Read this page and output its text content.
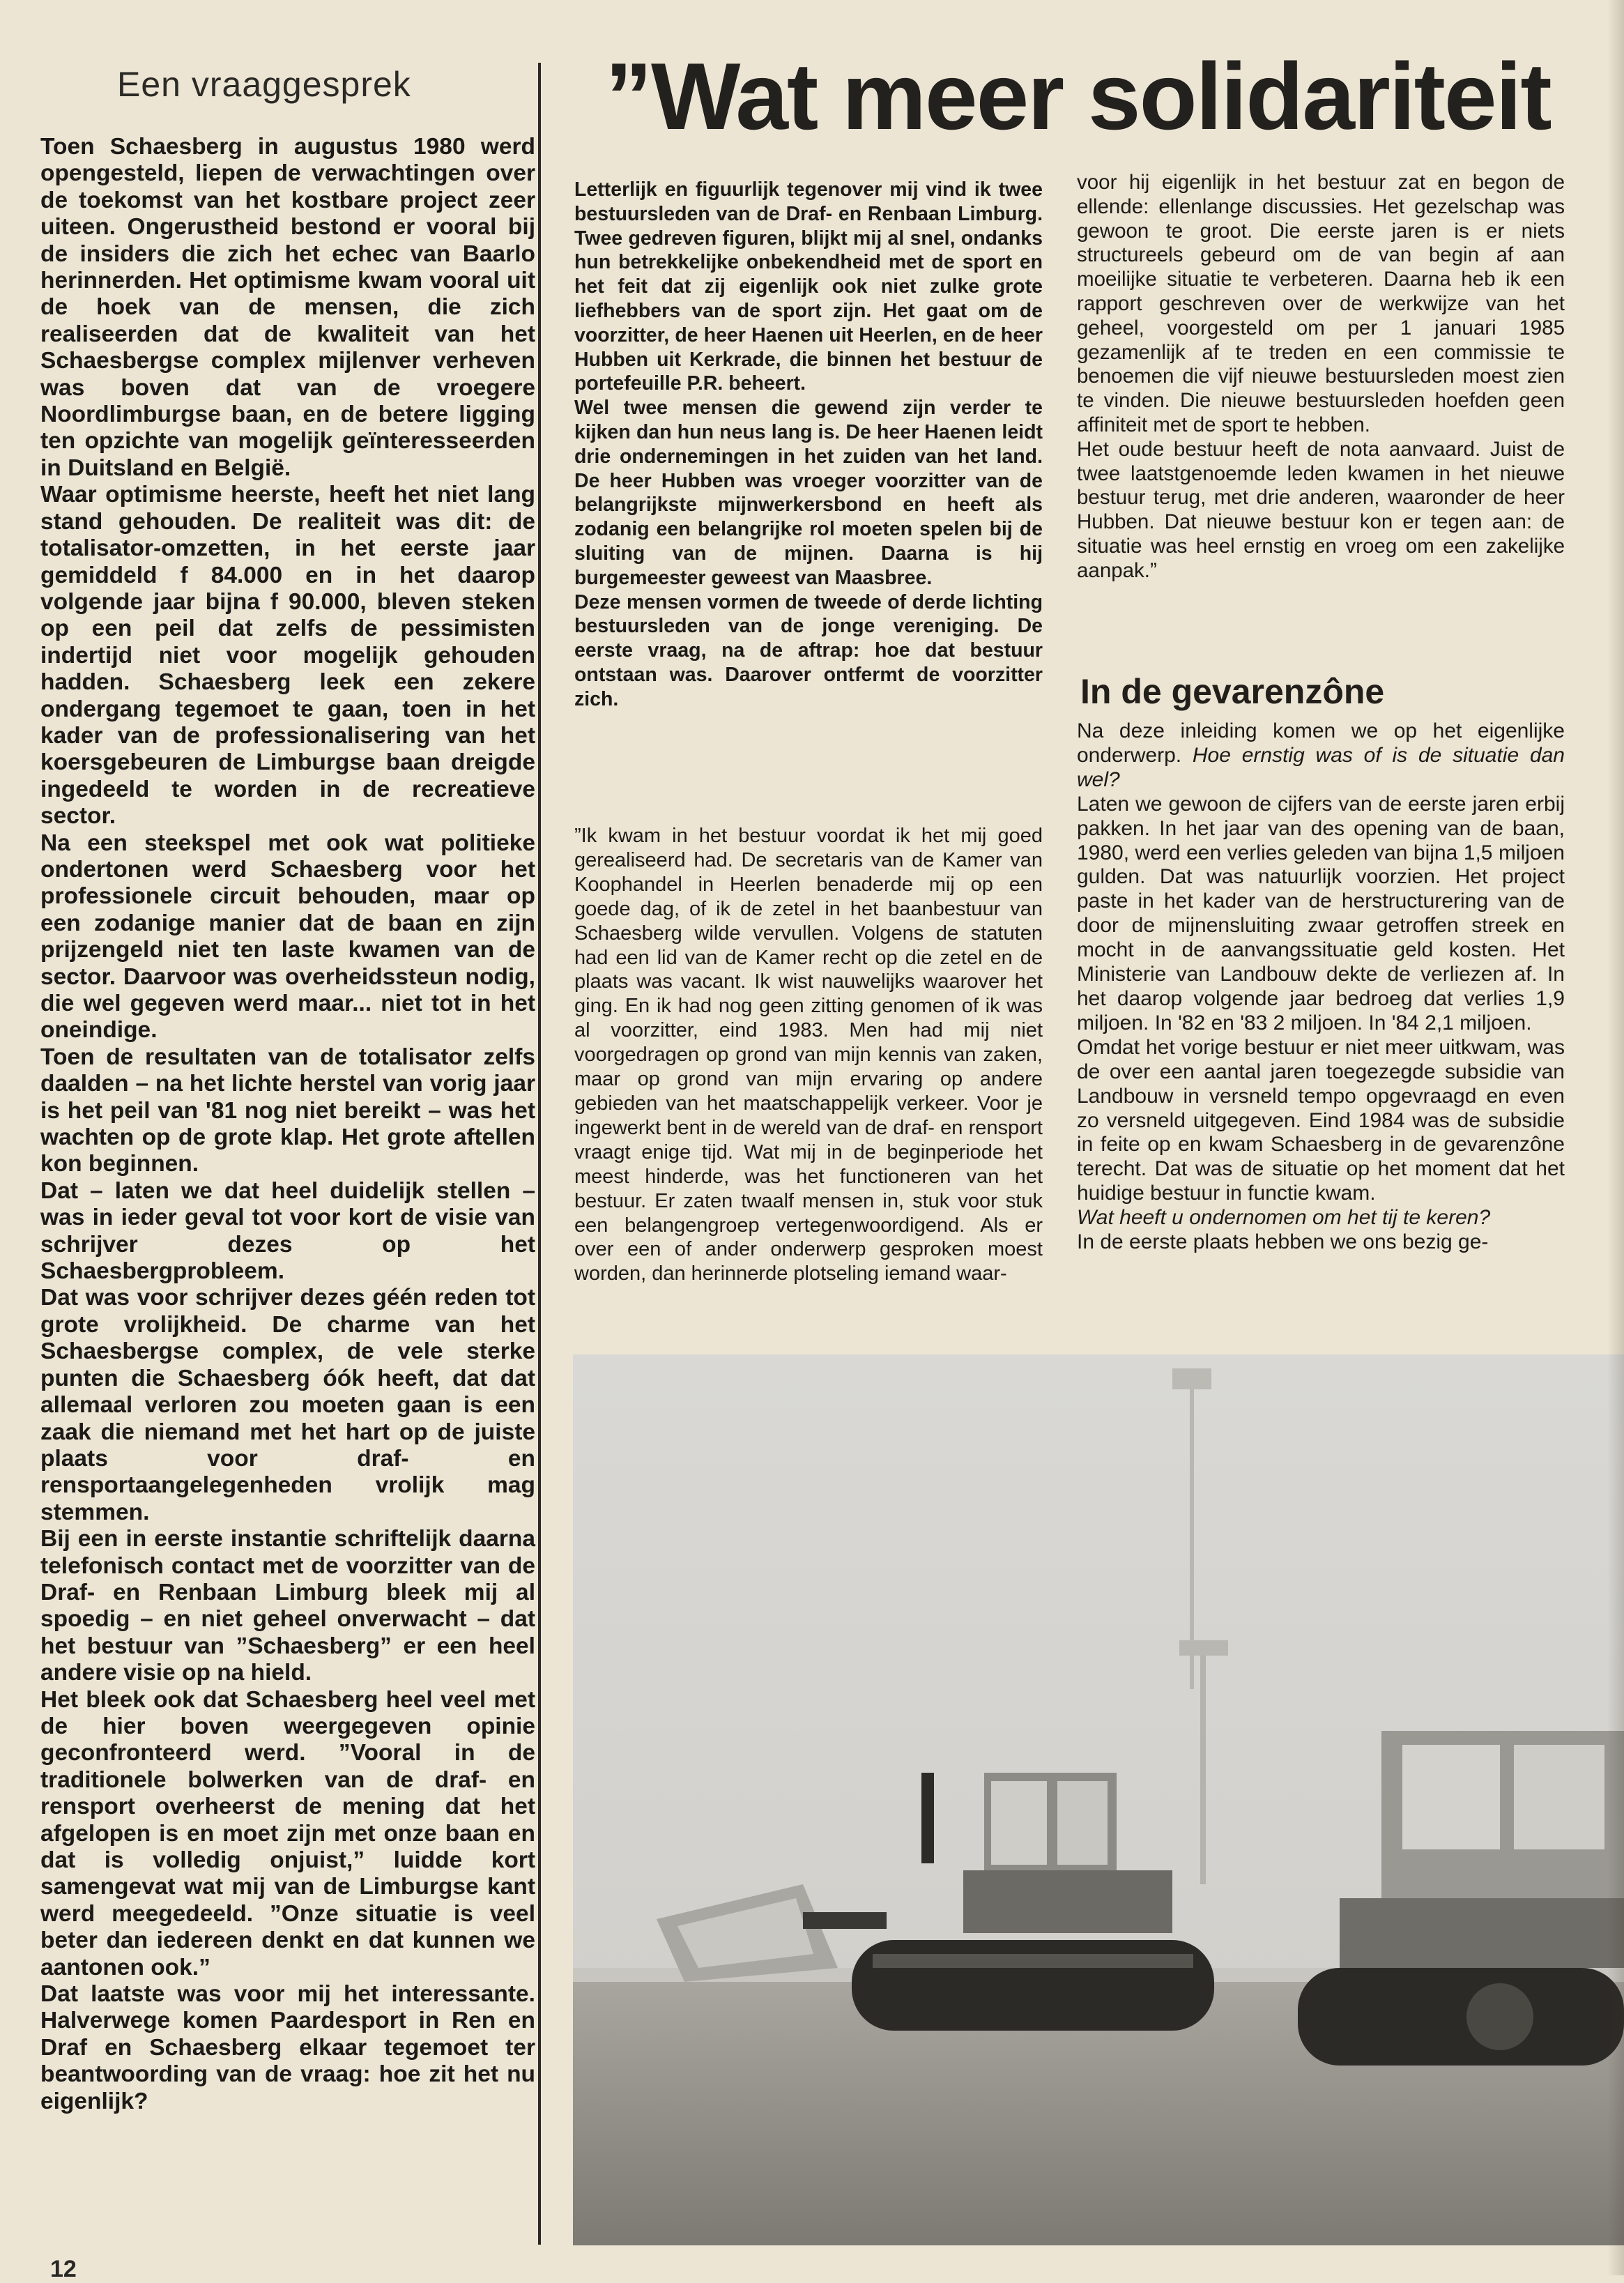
Een vraaggesprek ”Wat meer solidariteit

Toen Schaesberg in augustus 1980 werd opengesteld, liepen de verwachtingen over de toekomst van het kostbare project zeer uiteen. Ongerustheid bestond er vooral bij de insiders die zich het echec van Baarlo herinnerden. Het optimisme kwam vooral uit de hoek van de mensen, die zich realiseerden dat de kwaliteit van het Schaesbergse complex mijlenver verheven was boven dat van de vroegere Noordlimburgse baan, en de betere ligging ten opzichte van mogelijk geïnteresseerden in Duitsland en België.

Waar optimisme heerste, heeft het niet lang stand gehouden. De realiteit was dit: de totalisator-omzetten, in het eerste jaar gemiddeld f 84.000 en in het daarop volgende jaar bijna f 90.000, bleven steken op een peil dat zelfs de pessimisten indertijd niet voor mogelijk gehouden hadden. Schaesberg leek een zekere ondergang tegemoet te gaan, toen in het kader van de professionalisering van het koersgebeuren de Limburgse baan dreigde ingedeeld te worden in de recreatieve sector.

Na een steekspel met ook wat politieke ondertonen werd Schaesberg voor het professionele circuit behouden, maar op een zodanige manier dat de baan en zijn prijzengeld niet ten laste kwamen van de sector. Daarvoor was overheidssteun nodig, die wel gegeven werd maar... niet tot in het oneindige.

Toen de resultaten van de totalisator zelfs daalden – na het lichte herstel van vorig jaar is het peil van '81 nog niet bereikt – was het wachten op de grote klap. Het grote aftellen kon beginnen.

Dat – laten we dat heel duidelijk stellen – was in ieder geval tot voor kort de visie van schrijver dezes op het Schaesbergprobleem.

Dat was voor schrijver dezes géén reden tot grote vrolijkheid. De charme van het Schaesbergse complex, de vele sterke punten die Schaesberg óók heeft, dat dat allemaal verloren zou moeten gaan is een zaak die niemand met het hart op de juiste plaats voor draf- en rensportaangelegenheden vrolijk mag stemmen.

Bij een in eerste instantie schriftelijk daarna telefonisch contact met de voorzitter van de Draf- en Renbaan Limburg bleek mij al spoedig – en niet geheel onverwacht – dat het bestuur van ”Schaesberg” er een heel andere visie op na hield.

Het bleek ook dat Schaesberg heel veel met de hier boven weergegeven opinie geconfronteerd werd. ”Vooral in de traditionele bolwerken van de draf- en rensport overheerst de mening dat het afgelopen is en moet zijn met onze baan en dat is volledig onjuist,” luidde kort samengevat wat mij van de Limburgse kant werd meegedeeld. ”Onze situatie is veel beter dan iedereen denkt en dat kunnen we aantonen ook.”

Dat laatste was voor mij het interessante. Halverwege komen Paardesport in Ren en Draf en Schaesberg elkaar tegemoet ter beantwoording van de vraag: hoe zit het nu eigenlijk?

Letterlijk en figuurlijk tegenover mij vind ik twee bestuursleden van de Draf- en Renbaan Limburg. Twee gedreven figuren, blijkt mij al snel, ondanks hun betrekkelijke onbekendheid met de sport en het feit dat zij eigenlijk ook niet zulke grote liefhebbers van de sport zijn. Het gaat om de voorzitter, de heer Haenen uit Heerlen, en de heer Hubben uit Kerkrade, die binnen het bestuur de portefeuille P.R. beheert.

Wel twee mensen die gewend zijn verder te kijken dan hun neus lang is. De heer Haenen leidt drie ondernemingen in het zuiden van het land. De heer Hubben was vroeger voorzitter van de belangrijkste mijnwerkersbond en heeft als zodanig een belangrijke rol moeten spelen bij de sluiting van de mijnen. Daarna is hij burgemeester geweest van Maasbree.

Deze mensen vormen de tweede of derde lichting bestuursleden van de jonge vereniging. De eerste vraag, na de aftrap: hoe dat bestuur ontstaan was. Daarover ontfermt de voorzitter zich.

”Ik kwam in het bestuur voordat ik het mij goed gerealiseerd had. De secretaris van de Kamer van Koophandel in Heerlen benaderde mij op een goede dag, of ik de zetel in het baanbestuur van Schaesberg wilde vervullen. Volgens de statuten had een lid van de Kamer recht op die zetel en de plaats was vacant. Ik wist nauwelijks waarover het ging. En ik had nog geen zitting genomen of ik was al voorzitter, eind 1983. Men had mij niet voorgedragen op grond van mijn kennis van zaken, maar op grond van mijn ervaring op andere gebieden van het maatschappelijk verkeer. Voor je ingewerkt bent in de wereld van de draf- en rensport vraagt enige tijd. Wat mij in de beginperiode het meest hinderde, was het functioneren van het bestuur. Er zaten twaalf mensen in, stuk voor stuk een belangengroep vertegenwoordigend. Als er over een of ander onderwerp gesproken moest worden, dan herinnerde plotseling iemand waar-

voor hij eigenlijk in het bestuur zat en begon de ellende: ellenlange discussies. Het gezelschap was gewoon te groot. Die eerste jaren is er niets structureels gebeurd om de van begin af aan moeilijke situatie te verbeteren. Daarna heb ik een rapport geschreven over de werkwijze van het geheel, voorgesteld om per 1 januari 1985 gezamenlijk af te treden en een commissie te benoemen die vijf nieuwe bestuursleden moest zien te vinden. Die nieuwe bestuursleden hoefden geen affiniteit met de sport te hebben.

Het oude bestuur heeft de nota aanvaard. Juist de twee laatstgenoemde leden kwamen in het nieuwe bestuur terug, met drie anderen, waaronder de heer Hubben. Dat nieuwe bestuur kon er tegen aan: de situatie was heel ernstig en vroeg om een zakelijke aanpak.”

In de gevarenzône

Na deze inleiding komen we op het eigenlijke onderwerp. Hoe ernstig was of is de situatie dan wel?

Laten we gewoon de cijfers van de eerste jaren erbij pakken. In het jaar van des opening van de baan, 1980, werd een verlies geleden van bijna 1,5 miljoen gulden. Dat was natuurlijk voorzien. Het project paste in het kader van de herstructurering van de door de mijnensluiting zwaar getroffen streek en mocht in de aanvangssituatie geld kosten. Het Ministerie van Landbouw dekte de verliezen af. In het daarop volgende jaar bedroeg dat verlies 1,9 miljoen. In '82 en '83 2 miljoen. In '84 2,1 miljoen.

Omdat het vorige bestuur er niet meer uitkwam, was de over een aantal jaren toegezegde subsidie van Landbouw in versneld tempo opgevraagd en even zo versneld uitgegeven. Eind 1984 was de subsidie in feite op en kwam Schaesberg in de gevarenzône terecht. Dat was de situatie op het moment dat het huidige bestuur in functie kwam.

Wat heeft u ondernomen om het tij te keren?

In de eerste plaats hebben we ons bezig ge-

12
